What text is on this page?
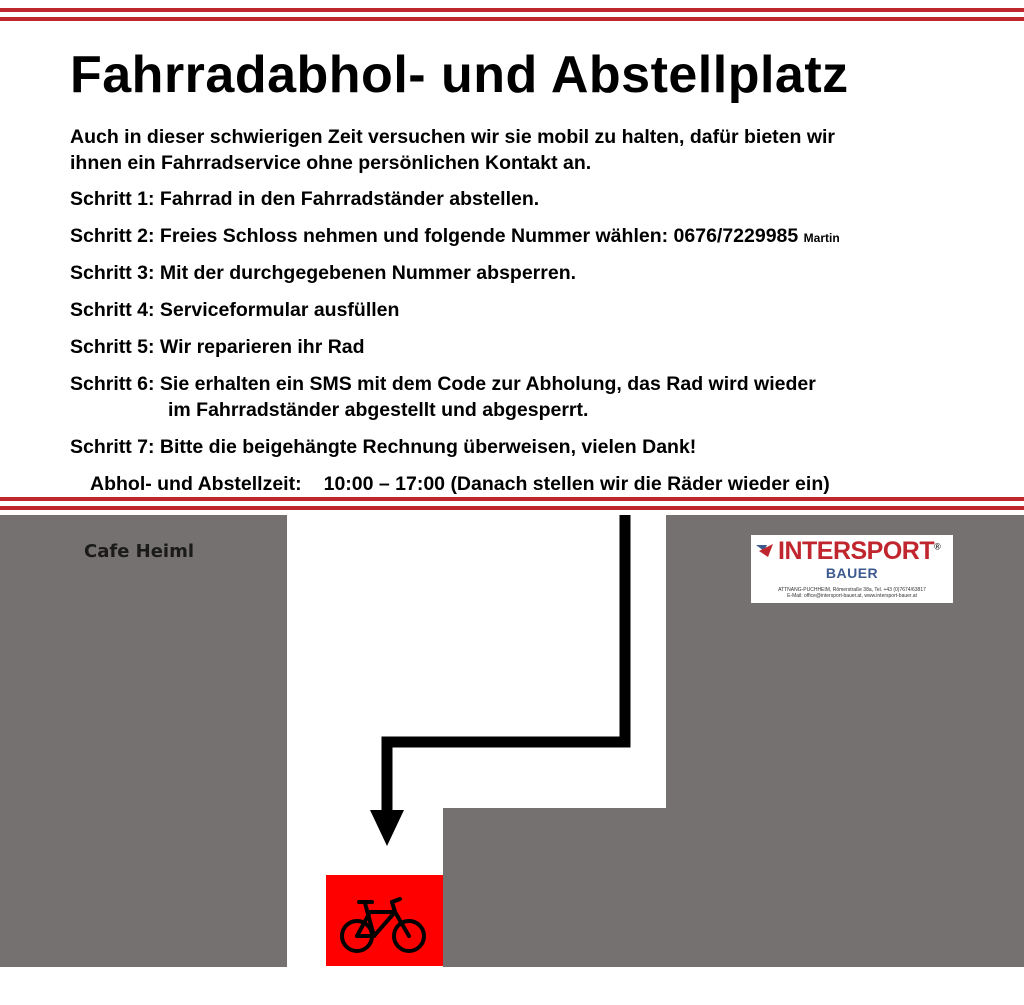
Fahrradabhol- und Abstellplatz
Auch in dieser schwierigen Zeit versuchen wir sie mobil zu halten, dafür bieten wir
ihnen ein Fahrradservice ohne persönlichen Kontakt an.

Schritt 1: Fahrrad in den Fahrradständer abstellen.

Schritt 2: Freies Schloss nehmen und folgende Nummer wählen: 0676/7229985 Martin

Schritt 3: Mit der durchgegebenen Nummer absperren.

Schritt 4: Serviceformular ausfüllen

Schritt 5: Wir reparieren ihr Rad

Schritt 6: Sie erhalten ein SMS mit dem Code zur Abholung, das Rad wird wieder

im Fahrradständer abgestellt und abgesperrt.

Schritt 7: Bitte die beigehängte Rechnung überweisen, vielen Dank!

Abhol- und Abstellzeit: 10:00 – 17:00 (Danach stellen wir die Räder wieder ein)

Cafe Heiml	INTERSPORT®
BAUER
ATTNANG-PUCHHEIM, Römerstraße 38a, Tel. +43 (0)7674/63817
E-Mail: office@intersport-bauer.at, www.intersport-bauer.at
